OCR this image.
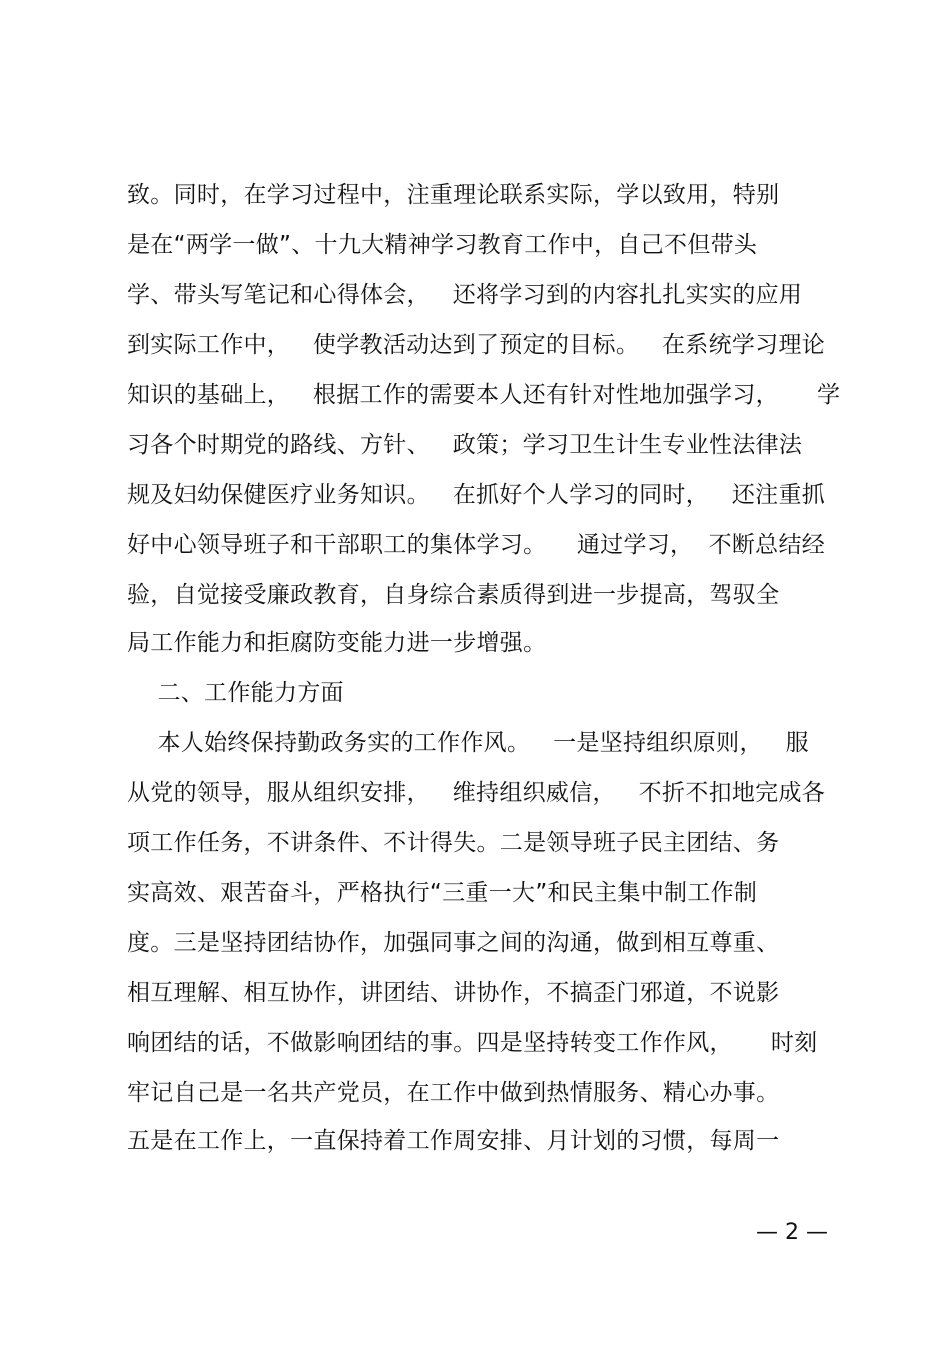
致。同时，在学习过程中，注重理论联系实际，学以致用，特别
是在“两学一做”、十九大精神学习教育工作中，自己不但带头
学、带头写笔记和心得体会，   还将学习到的内容扎扎实实的应用
到实际工作中，   使学教活动达到了预定的目标。   在系统学习理论
知识的基础上，   根据工作的需要本人还有针对性地加强学习，     学
习各个时期党的路线、方针、   政策；学习卫生计生专业性法律法
规及妇幼保健医疗业务知识。   在抓好个人学习的同时，   还注重抓
好中心领导班子和干部职工的集体学习。    通过学习，  不断总结经
验，自觉接受廉政教育，自身综合素质得到进一步提高，驾驭全
局工作能力和拒腐防变能力进一步增强。
二、工作能力方面
本人始终保持勤政务实的工作作风。   一是坚持组织原则，   服
从党的领导，服从组织安排，   维持组织威信，   不折不扣地完成各
项工作任务，不讲条件、不计得失。二是领导班子民主团结、务
实高效、艰苦奋斗，严格执行“三重一大”和民主集中制工作制
度。三是坚持团结协作，加强同事之间的沟通，做到相互尊重、
相互理解、相互协作，讲团结、讲协作，不搞歪门邪道，不说影
响团结的话，不做影响团结的事。四是坚持转变工作作风，     时刻
牢记自己是一名共产党员，在工作中做到热情服务、精心办事。
五是在工作上，一直保持着工作周安排、月计划的习惯，每周一
— 2 —
